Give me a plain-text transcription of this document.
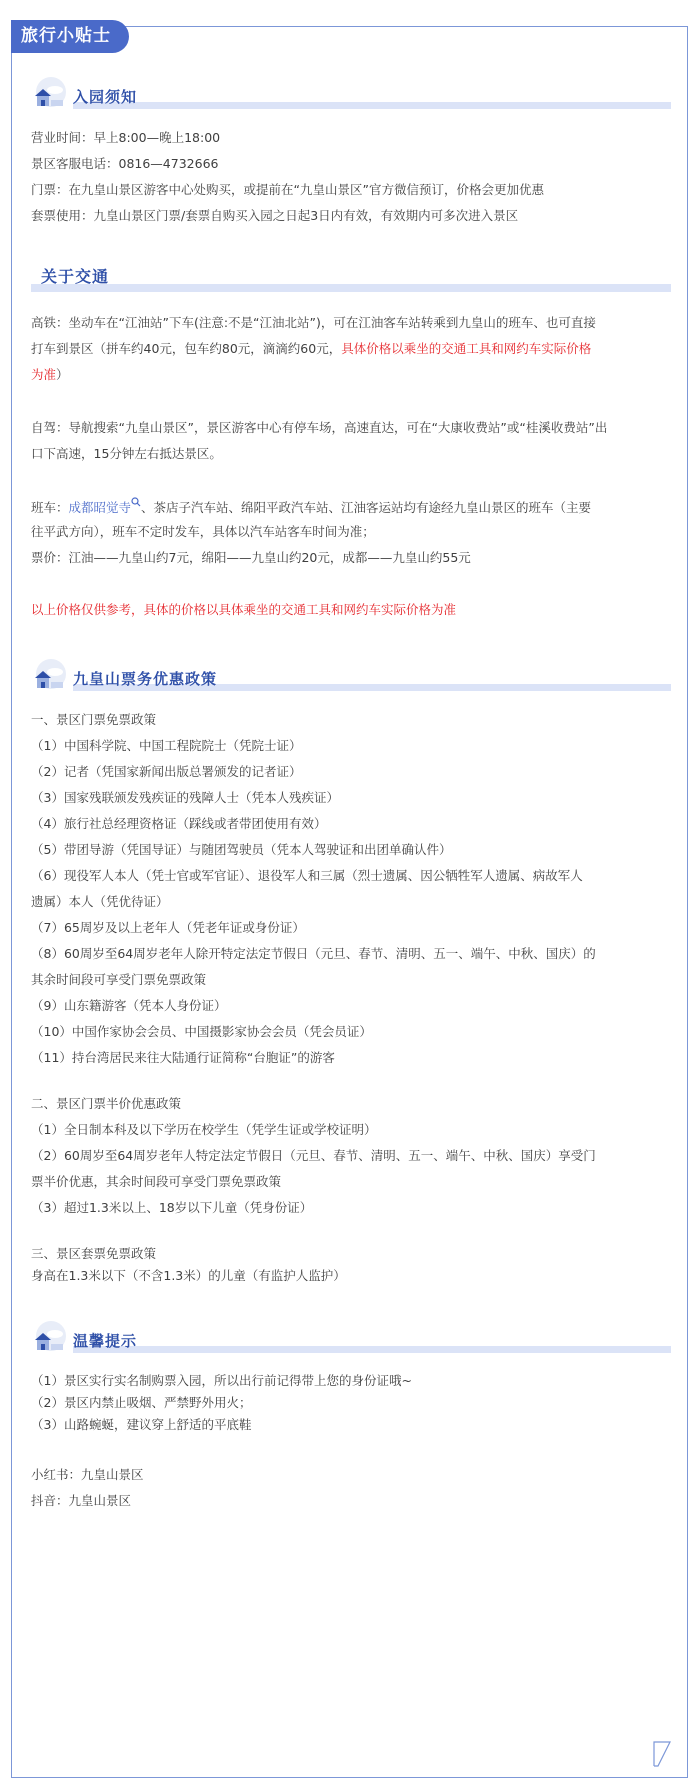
旅行小贴士
入园须知
营业时间：早上8:00—晚上18:00
景区客服电话：0816—4732666
门票：在九皇山景区游客中心处购买，或提前在“九皇山景区”官方微信预订，价格会更加优惠
套票使用：九皇山景区门票/套票自购买入园之日起3日内有效，有效期内可多次进入景区
关于交通
高铁：坐动车在“江油站”下车(注意:不是“江油北站”)，可在江油客车站转乘到九皇山的班车、也可直接
打车到景区（拼车约40元，包车约80元，滴滴约60元，具体价格以乘坐的交通工具和网约车实际价格
为准）
自驾：导航搜索“九皇山景区”，景区游客中心有停车场，高速直达，可在“大康收费站”或“桂溪收费站”出
口下高速，15分钟左右抵达景区。
班车：成都昭觉寺 、茶店子汽车站、绵阳平政汽车站、江油客运站均有途经九皇山景区的班车（主要
往平武方向），班车不定时发车，具体以汽车站客车时间为准；
票价：江油——九皇山约7元，绵阳——九皇山约20元，成都——九皇山约55元
以上价格仅供参考，具体的价格以具体乘坐的交通工具和网约车实际价格为准
九皇山票务优惠政策
一、景区门票免票政策
（1）中国科学院、中国工程院院士（凭院士证）
（2）记者（凭国家新闻出版总署颁发的记者证）
（3）国家残联颁发残疾证的残障人士（凭本人残疾证）
（4）旅行社总经理资格证（踩线或者带团使用有效）
（5）带团导游（凭国导证）与随团驾驶员（凭本人驾驶证和出团单确认件）
（6）现役军人本人（凭士官或军官证）、退役军人和三属（烈士遗属、因公牺牲军人遗属、病故军人
遗属）本人（凭优待证）
（7）65周岁及以上老年人（凭老年证或身份证）
（8）60周岁至64周岁老年人除开特定法定节假日（元旦、春节、清明、五一、端午、中秋、国庆）的
其余时间段可享受门票免票政策
（9）山东籍游客（凭本人身份证）
（10）中国作家协会会员、中国摄影家协会会员（凭会员证）
（11）持台湾居民来往大陆通行证简称“台胞证”的游客
二、景区门票半价优惠政策
（1）全日制本科及以下学历在校学生（凭学生证或学校证明）
（2）60周岁至64周岁老年人特定法定节假日（元旦、春节、清明、五一、端午、中秋、国庆）享受门
票半价优惠，其余时间段可享受门票免票政策
（3）超过1.3米以上、18岁以下儿童（凭身份证）
三、景区套票免票政策
身高在1.3米以下（不含1.3米）的儿童（有监护人监护）
温馨提示
（1）景区实行实名制购票入园，所以出行前记得带上您的身份证哦~
（2）景区内禁止吸烟、严禁野外用火；
（3）山路蜿蜒，建议穿上舒适的平底鞋
小红书：九皇山景区
抖音：九皇山景区
